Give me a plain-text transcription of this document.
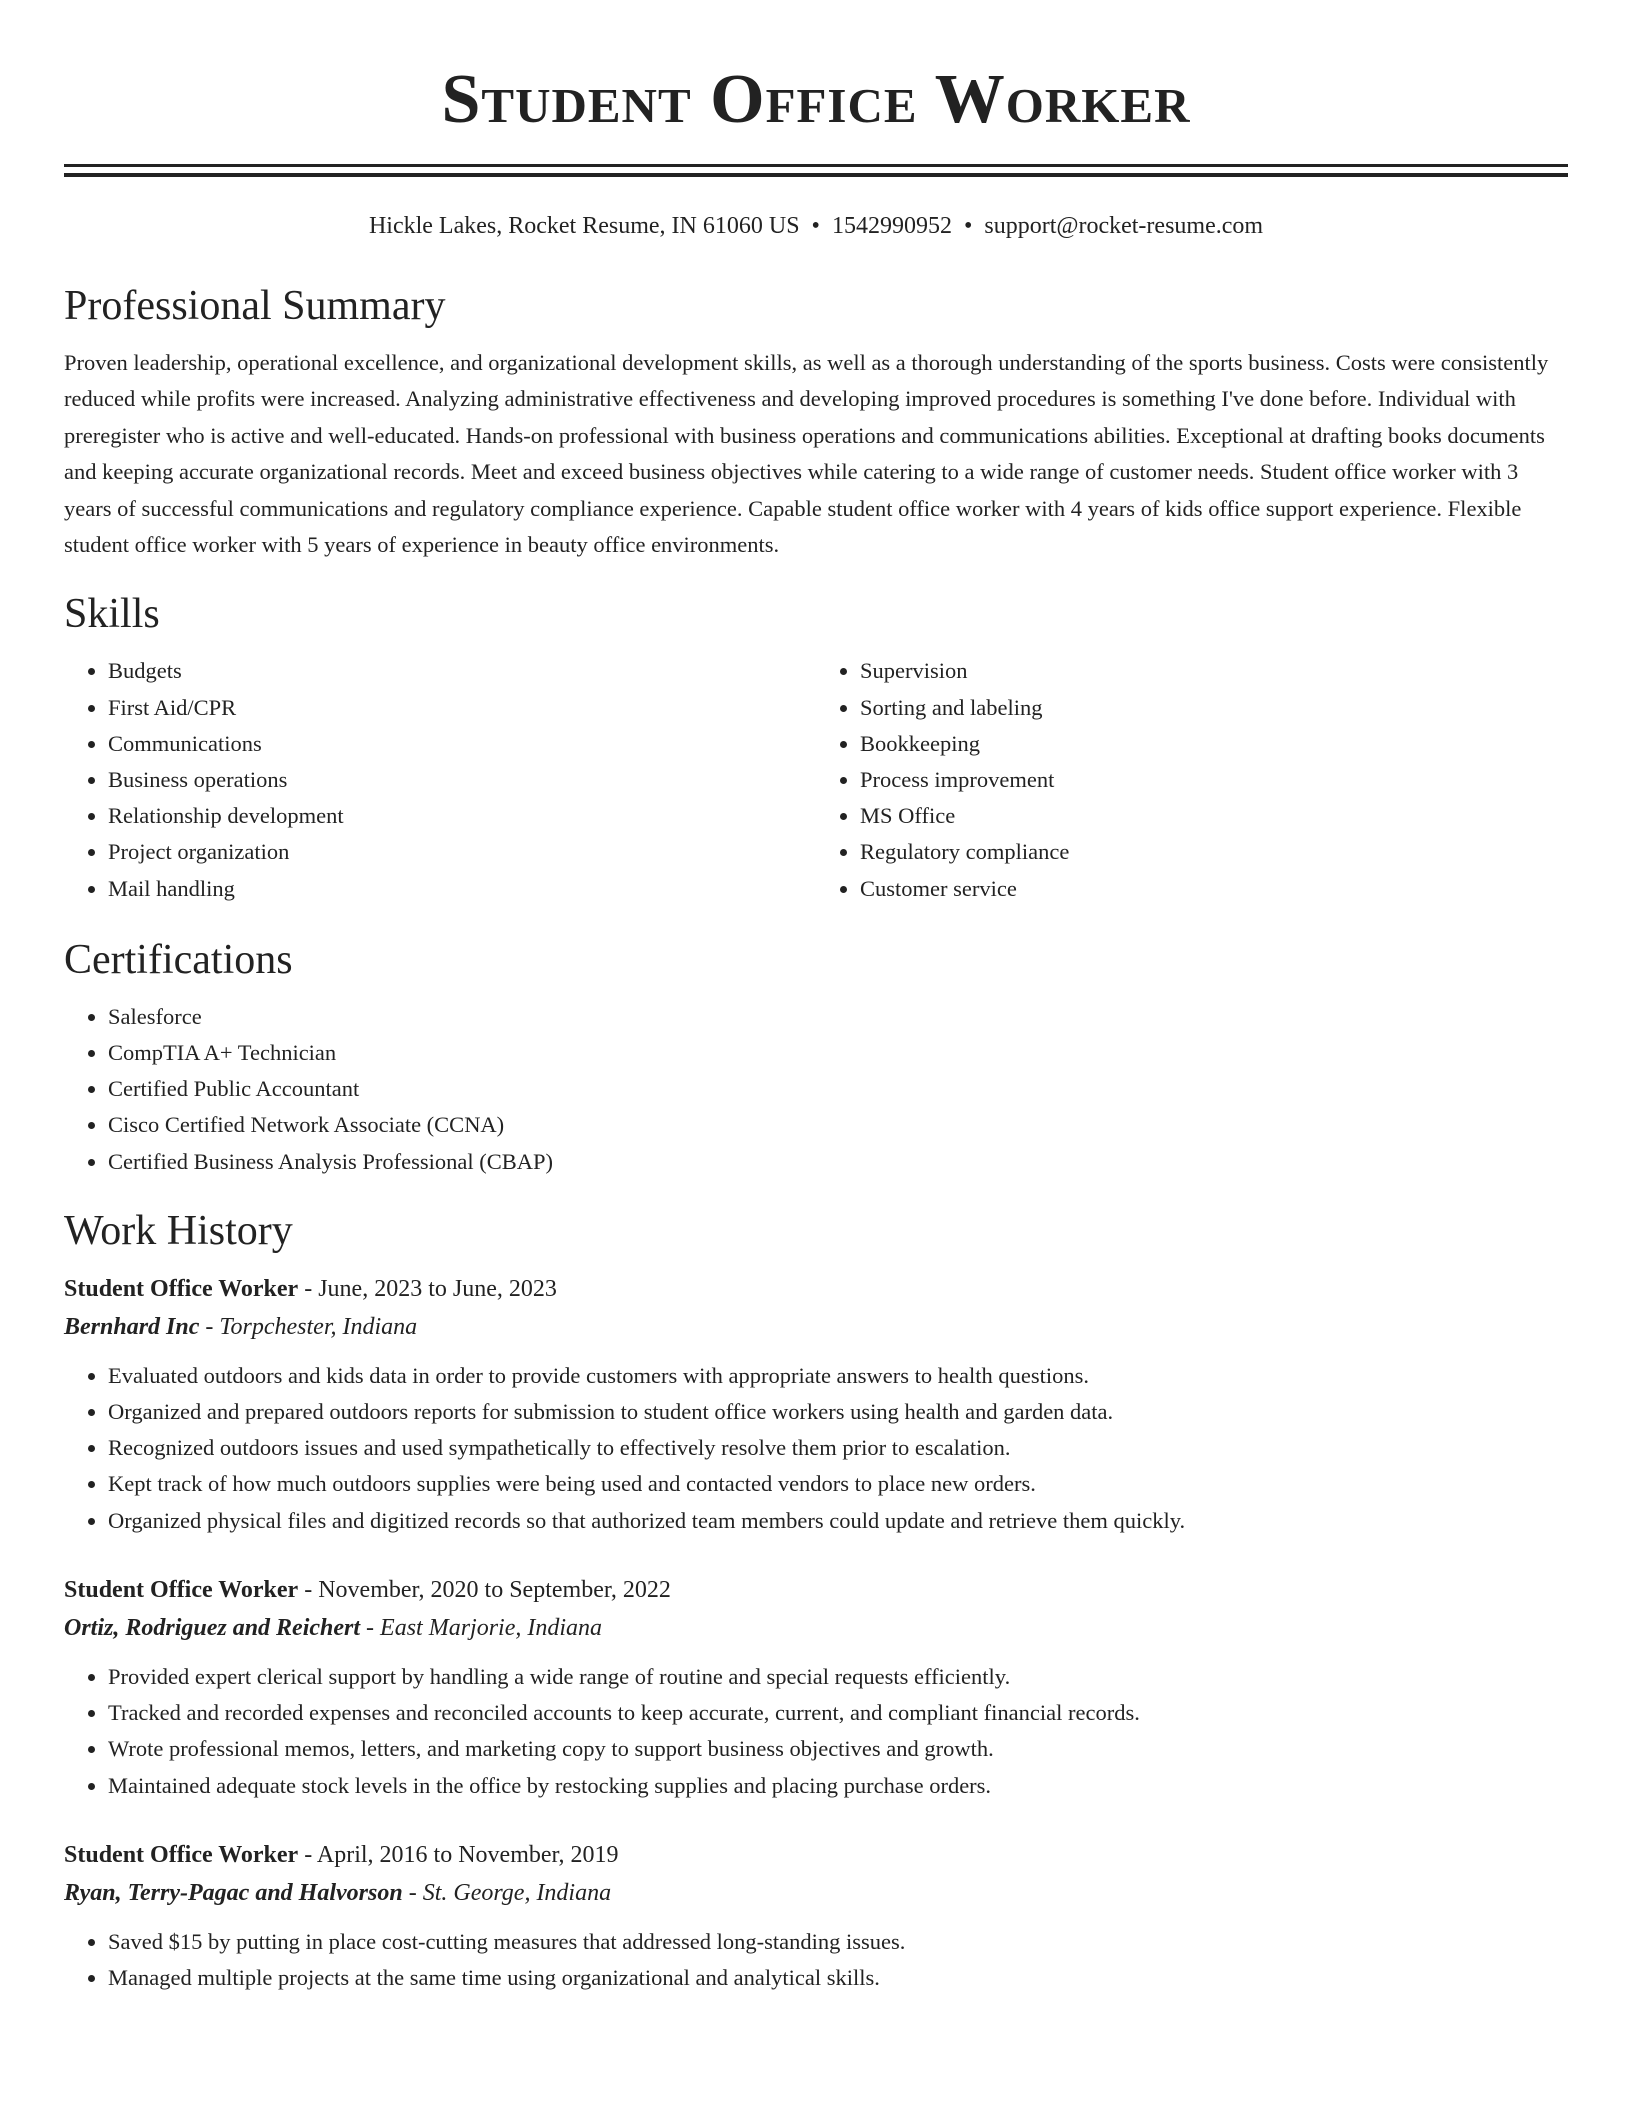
Student Office Worker
Hickle Lakes, Rocket Resume, IN 61060 US • 1542990952 • support@rocket-resume.com
Professional Summary

Proven leadership, operational excellence, and organizational development skills, as well as a thorough understanding of the sports business. Costs were consistently reduced while profits were increased. Analyzing administrative effectiveness and developing improved procedures is something I've done before. Individual with preregister who is active and well-educated. Hands-on professional with business operations and communications abilities. Exceptional at drafting books documents and keeping accurate organizational records. Meet and exceed business objectives while catering to a wide range of customer needs. Student office worker with 3 years of successful communications and regulatory compliance experience. Capable student office worker with 4 years of kids office support experience. Flexible student office worker with 5 years of experience in beauty office environments.

Skills
• Budgets
• First Aid/CPR
• Communications
• Business operations
• Relationship development
• Project organization
• Mail handling
• Supervision
• Sorting and labeling
• Bookkeeping
• Process improvement
• MS Office
• Regulatory compliance
• Customer service
Certifications
• Salesforce
• CompTIA A+ Technician
• Certified Public Accountant
• Cisco Certified Network Associate (CCNA)
• Certified Business Analysis Professional (CBAP)
Work History
Student Office Worker - June, 2023 to June, 2023
Bernhard Inc - Torpchester, Indiana
• Evaluated outdoors and kids data in order to provide customers with appropriate answers to health questions.
• Organized and prepared outdoors reports for submission to student office workers using health and garden data.
• Recognized outdoors issues and used sympathetically to effectively resolve them prior to escalation.
• Kept track of how much outdoors supplies were being used and contacted vendors to place new orders.
• Organized physical files and digitized records so that authorized team members could update and retrieve them quickly.
Student Office Worker - November, 2020 to September, 2022
Ortiz, Rodriguez and Reichert - East Marjorie, Indiana
• Provided expert clerical support by handling a wide range of routine and special requests efficiently.
• Tracked and recorded expenses and reconciled accounts to keep accurate, current, and compliant financial records.
• Wrote professional memos, letters, and marketing copy to support business objectives and growth.
• Maintained adequate stock levels in the office by restocking supplies and placing purchase orders.
Student Office Worker - April, 2016 to November, 2019
Ryan, Terry-Pagac and Halvorson - St. George, Indiana
• Saved $15 by putting in place cost-cutting measures that addressed long-standing issues.
• Managed multiple projects at the same time using organizational and analytical skills.
